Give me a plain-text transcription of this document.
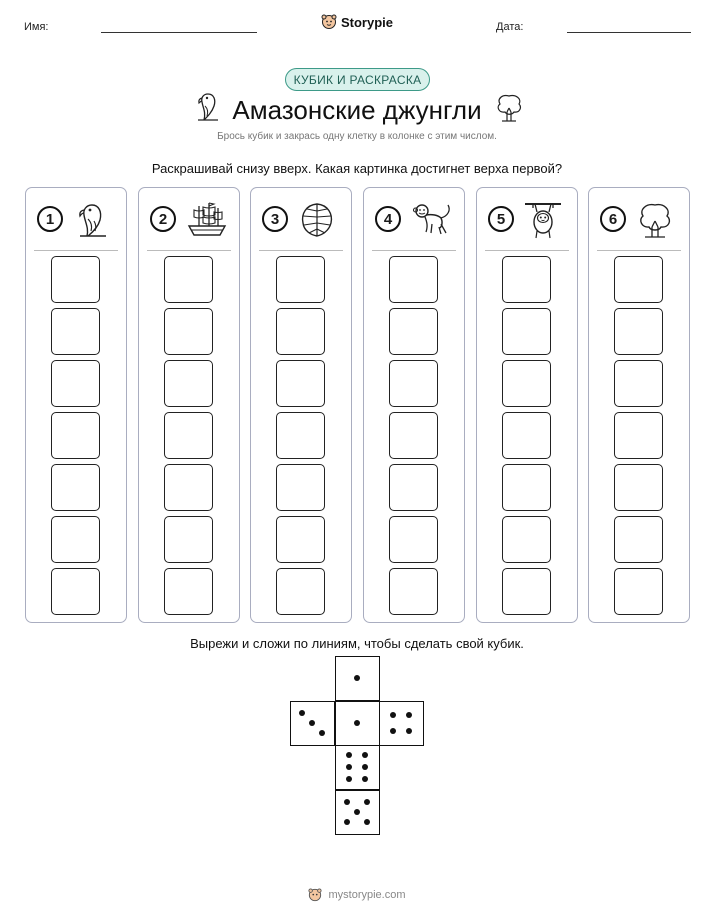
Имя:	Storypie	Дата:
КУБИК И РАСКРАСКА
Амазонские джунгли
Брось кубик и закрась одну клетку в колонке с этим числом.
Раскрашивай снизу вверх. Какая картинка достигнет верха первой?
1	2	3	4	5	6
Вырежи и сложи по линиям, чтобы сделать свой кубик.
mystorypie.com
